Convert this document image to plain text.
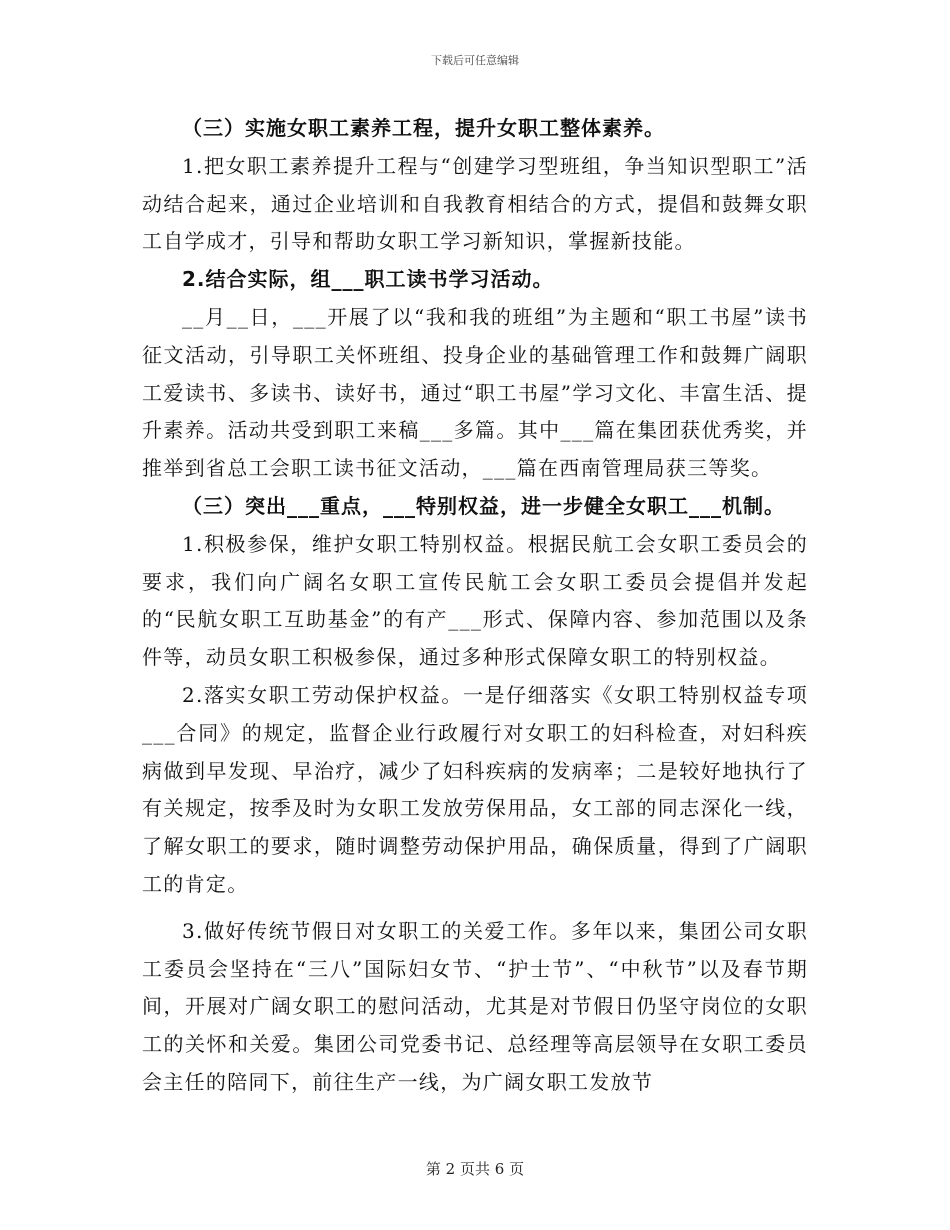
下载后可任意编辑

（三）实施女职工素养工程，提升女职工整体素养。

1.把女职工素养提升工程与“创建学习型班组，争当知识型职工”活动结合起来，通过企业培训和自我教育相结合的方式，提倡和鼓舞女职工自学成才，引导和帮助女职工学习新知识，掌握新技能。

2.结合实际，组___职工读书学习活动。

__月__日，___开展了以“我和我的班组”为主题和“职工书屋”读书征文活动，引导职工关怀班组、投身企业的基础管理工作和鼓舞广阔职工爱读书、多读书、读好书，通过“职工书屋”学习文化、丰富生活、提升素养。活动共受到职工来稿___多篇。其中___篇在集团获优秀奖，并推举到省总工会职工读书征文活动，___篇在西南管理局获三等奖。

（三）突出___重点，___特别权益，进一步健全女职工___机制。

1.积极参保，维护女职工特别权益。根据民航工会女职工委员会的要求，我们向广阔名女职工宣传民航工会女职工委员会提倡并发起的“民航女职工互助基金”的有产___形式、保障内容、参加范围以及条件等，动员女职工积极参保，通过多种形式保障女职工的特别权益。

2.落实女职工劳动保护权益。一是仔细落实《女职工特别权益专项___合同》的规定，监督企业行政履行对女职工的妇科检查，对妇科疾病做到早发现、早治疗，减少了妇科疾病的发病率；二是较好地执行了有关规定，按季及时为女职工发放劳保用品，女工部的同志深化一线，了解女职工的要求，随时调整劳动保护用品，确保质量，得到了广阔职工的肯定。

3.做好传统节假日对女职工的关爱工作。多年以来，集团公司女职工委员会坚持在“三八”国际妇女节、“护士节”、“中秋节”以及春节期间，开展对广阔女职工的慰问活动，尤其是对节假日仍坚守岗位的女职工的关怀和关爱。集团公司党委书记、总经理等高层领导在女职工委员会主任的陪同下，前往生产一线，为广阔女职工发放节

第 2 页共 6 页
